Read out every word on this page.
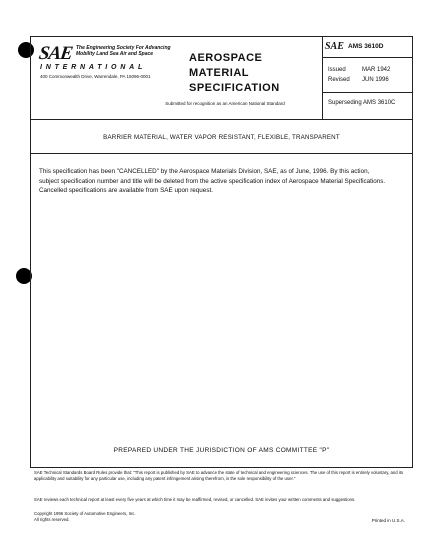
SAE The Engineering Society For Advancing Mobility Land Sea Air and Space
INTERNATIONAL
400 Commonwealth Drive, Warrendale, PA 15096-0001
AEROSPACE
MATERIAL
SPECIFICATION
Submitted for recognition as an American National Standard
SAE AMS 3610D
Issued	MAR 1942
Revised JUN 1996
Superseding AMS 3610C
BARRIER MATERIAL, WATER VAPOR RESISTANT, FLEXIBLE, TRANSPARENT
This specification has been "CANCELLED" by the Aerospace Materials Division, SAE, as of June, 1996. By this action, subject specification number and title will be deleted from the active specification index of Aerospace Material Specifications. Cancelled specifications are available from SAE upon request.
PREPARED UNDER THE JURISDICTION OF AMS COMMITTEE "P"
SAE Technical Standards Board Rules provide that: "This report is published by SAE to advance the state of technical and engineering sciences. The use of this report is entirely voluntary, and its applicability and suitability for any particular use, including any patent infringement arising therefrom, is the sole responsibility of the user."
SAE reviews each technical report at least every five years at which time it may be reaffirmed, revised, or cancelled. SAE invites your written comments and suggestions.
Copyright 1996 Society of Automotive Engineers, Inc.
All rights reserved.	Printed in U.S.A.
